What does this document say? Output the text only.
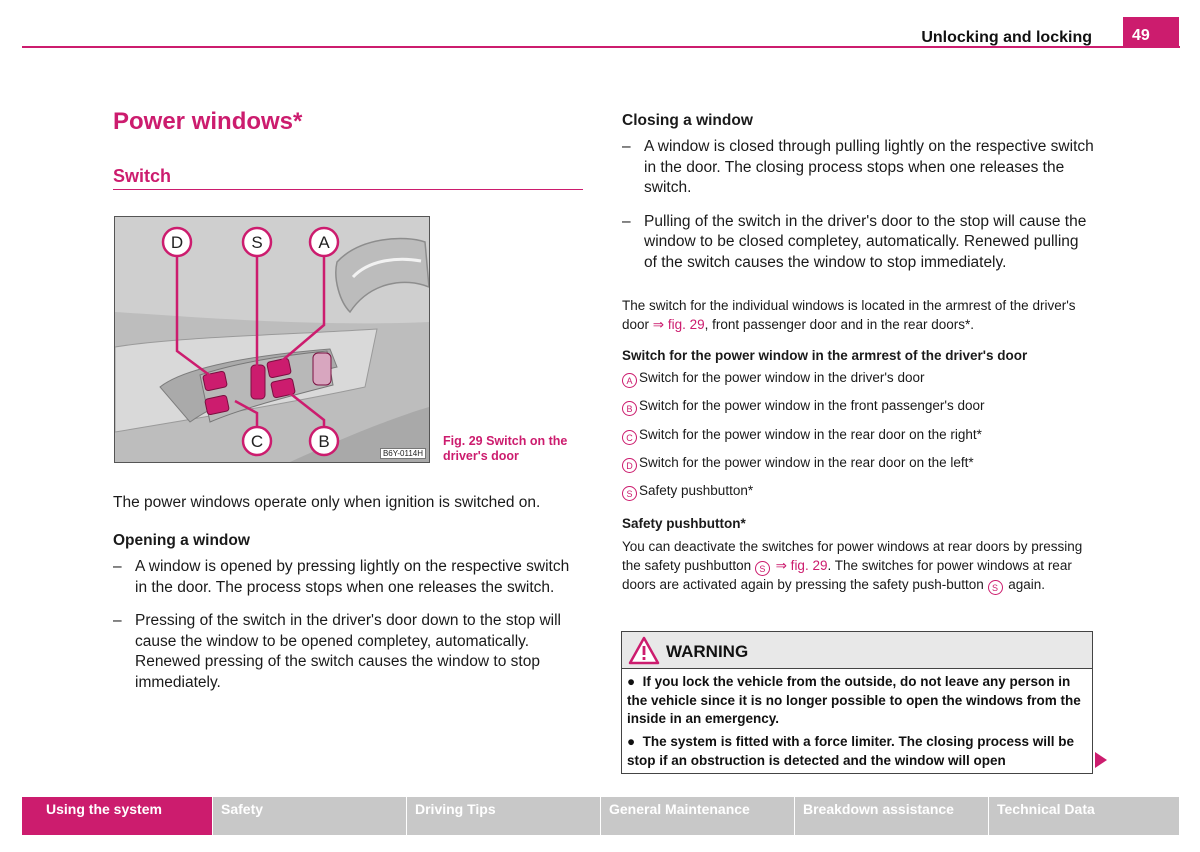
Unlocking and locking	49
Power windows*
Switch
D	S	A
C	B
B6Y-0114H
Fig. 29 Switch on the driver's door
The power windows operate only when ignition is switched on.
Opening a window
– A window is opened by pressing lightly on the respective switch in the door. The process stops when one releases the switch.
– Pressing of the switch in the driver's door down to the stop will cause the window to be opened completey, automatically. Renewed pressing of the switch causes the window to stop immediately.
Closing a window
– A window is closed through pulling lightly on the respective switch in the door. The closing process stops when one releases the switch.
– Pulling of the switch in the driver's door to the stop will cause the window to be closed completey, automatically. Renewed pulling of the switch causes the window to stop immediately.
The switch for the individual windows is located in the armrest of the driver's door ⇒ fig. 29, front passenger door and in the rear doors*.
Switch for the power window in the armrest of the driver's door
A Switch for the power window in the driver's door
B Switch for the power window in the front passenger's door
C Switch for the power window in the rear door on the right*
D Switch for the power window in the rear door on the left*
S Safety pushbutton*
Safety pushbutton*
You can deactivate the switches for power windows at rear doors by pressing the safety pushbutton S ⇒ fig. 29. The switches for power windows at rear doors are activated again by pressing the safety push-button S again.
WARNING
●  If you lock the vehicle from the outside, do not leave any person in the vehicle since it is no longer possible to open the windows from the inside in an emergency.
●  The system is fitted with a force limiter. The closing process will be stop if an obstruction is detected and the window will open
Using the system	Safety	Driving Tips	General Maintenance	Breakdown assistance	Technical Data
